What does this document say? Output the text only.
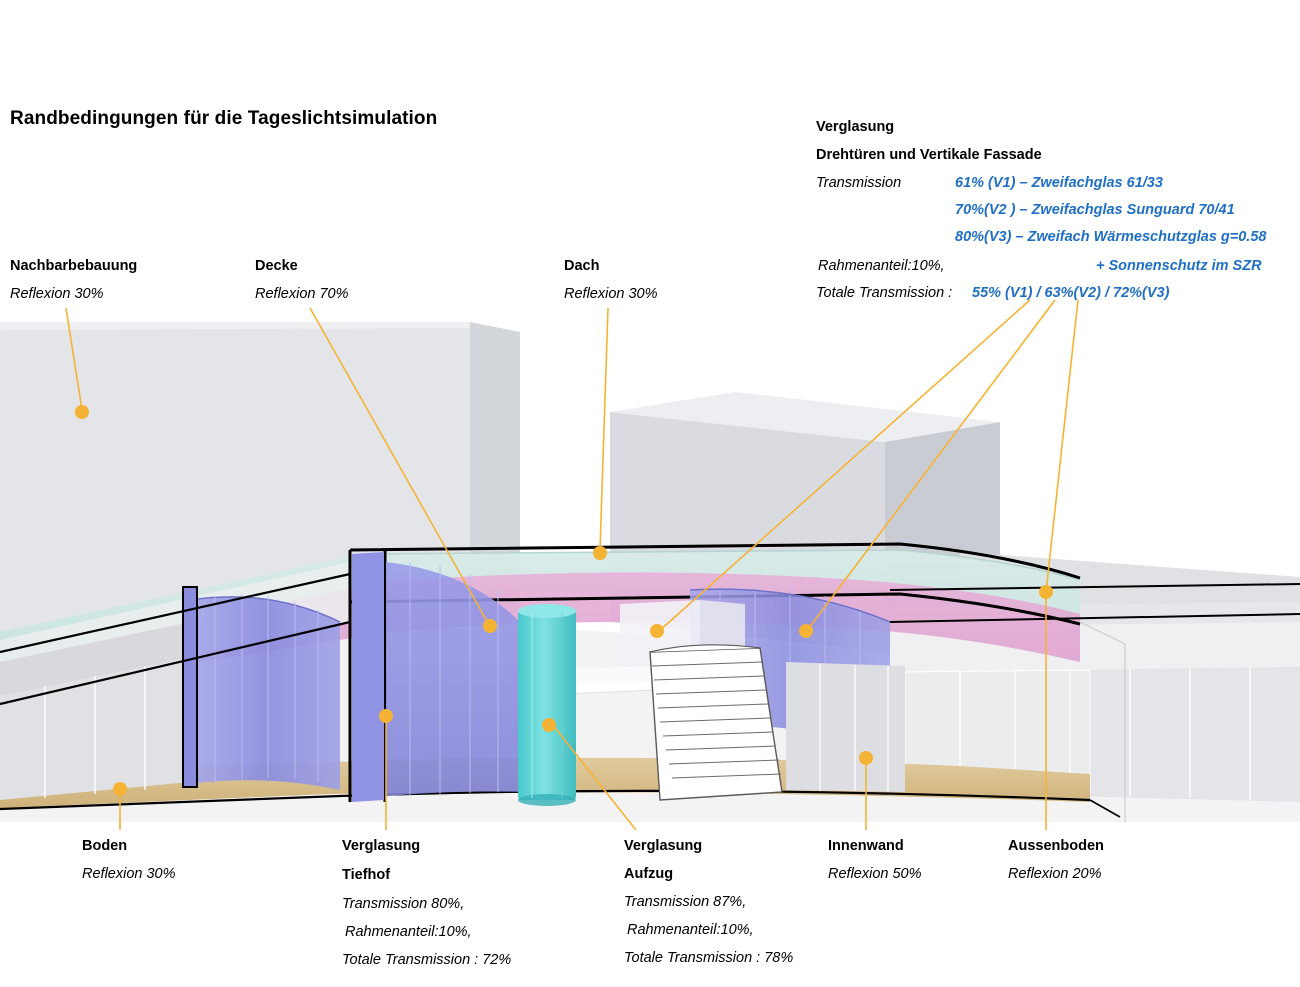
Randbedingungen für die Tageslichtsimulation	Verglasung
Drehtüren und Vertikale Fassade
Transmission	61% (V1) – Zweifachglas 61/33
70%(V2 ) – Zweifachglas Sunguard 70/41
80%(V3) – Zweifach Wärmeschutzglas g=0.58
Rahmenanteil:10%,	+ Sonnenschutz im SZR
Totale Transmission : 55% (V1) / 63%(V2) / 72%(V3)
Nachbarbebauung
Reflexion 30%
Decke
Reflexion 70%
Dach
Reflexion 30%
Boden
Reflexion 30%
Verglasung
Tiefhof
Transmission 80%,
Rahmenanteil:10%,
Totale Transmission : 72%
Verglasung
Aufzug
Transmission 87%,
Rahmenanteil:10%,
Totale Transmission : 78%
Innenwand
Reflexion 50%
Aussenboden
Reflexion 20%
